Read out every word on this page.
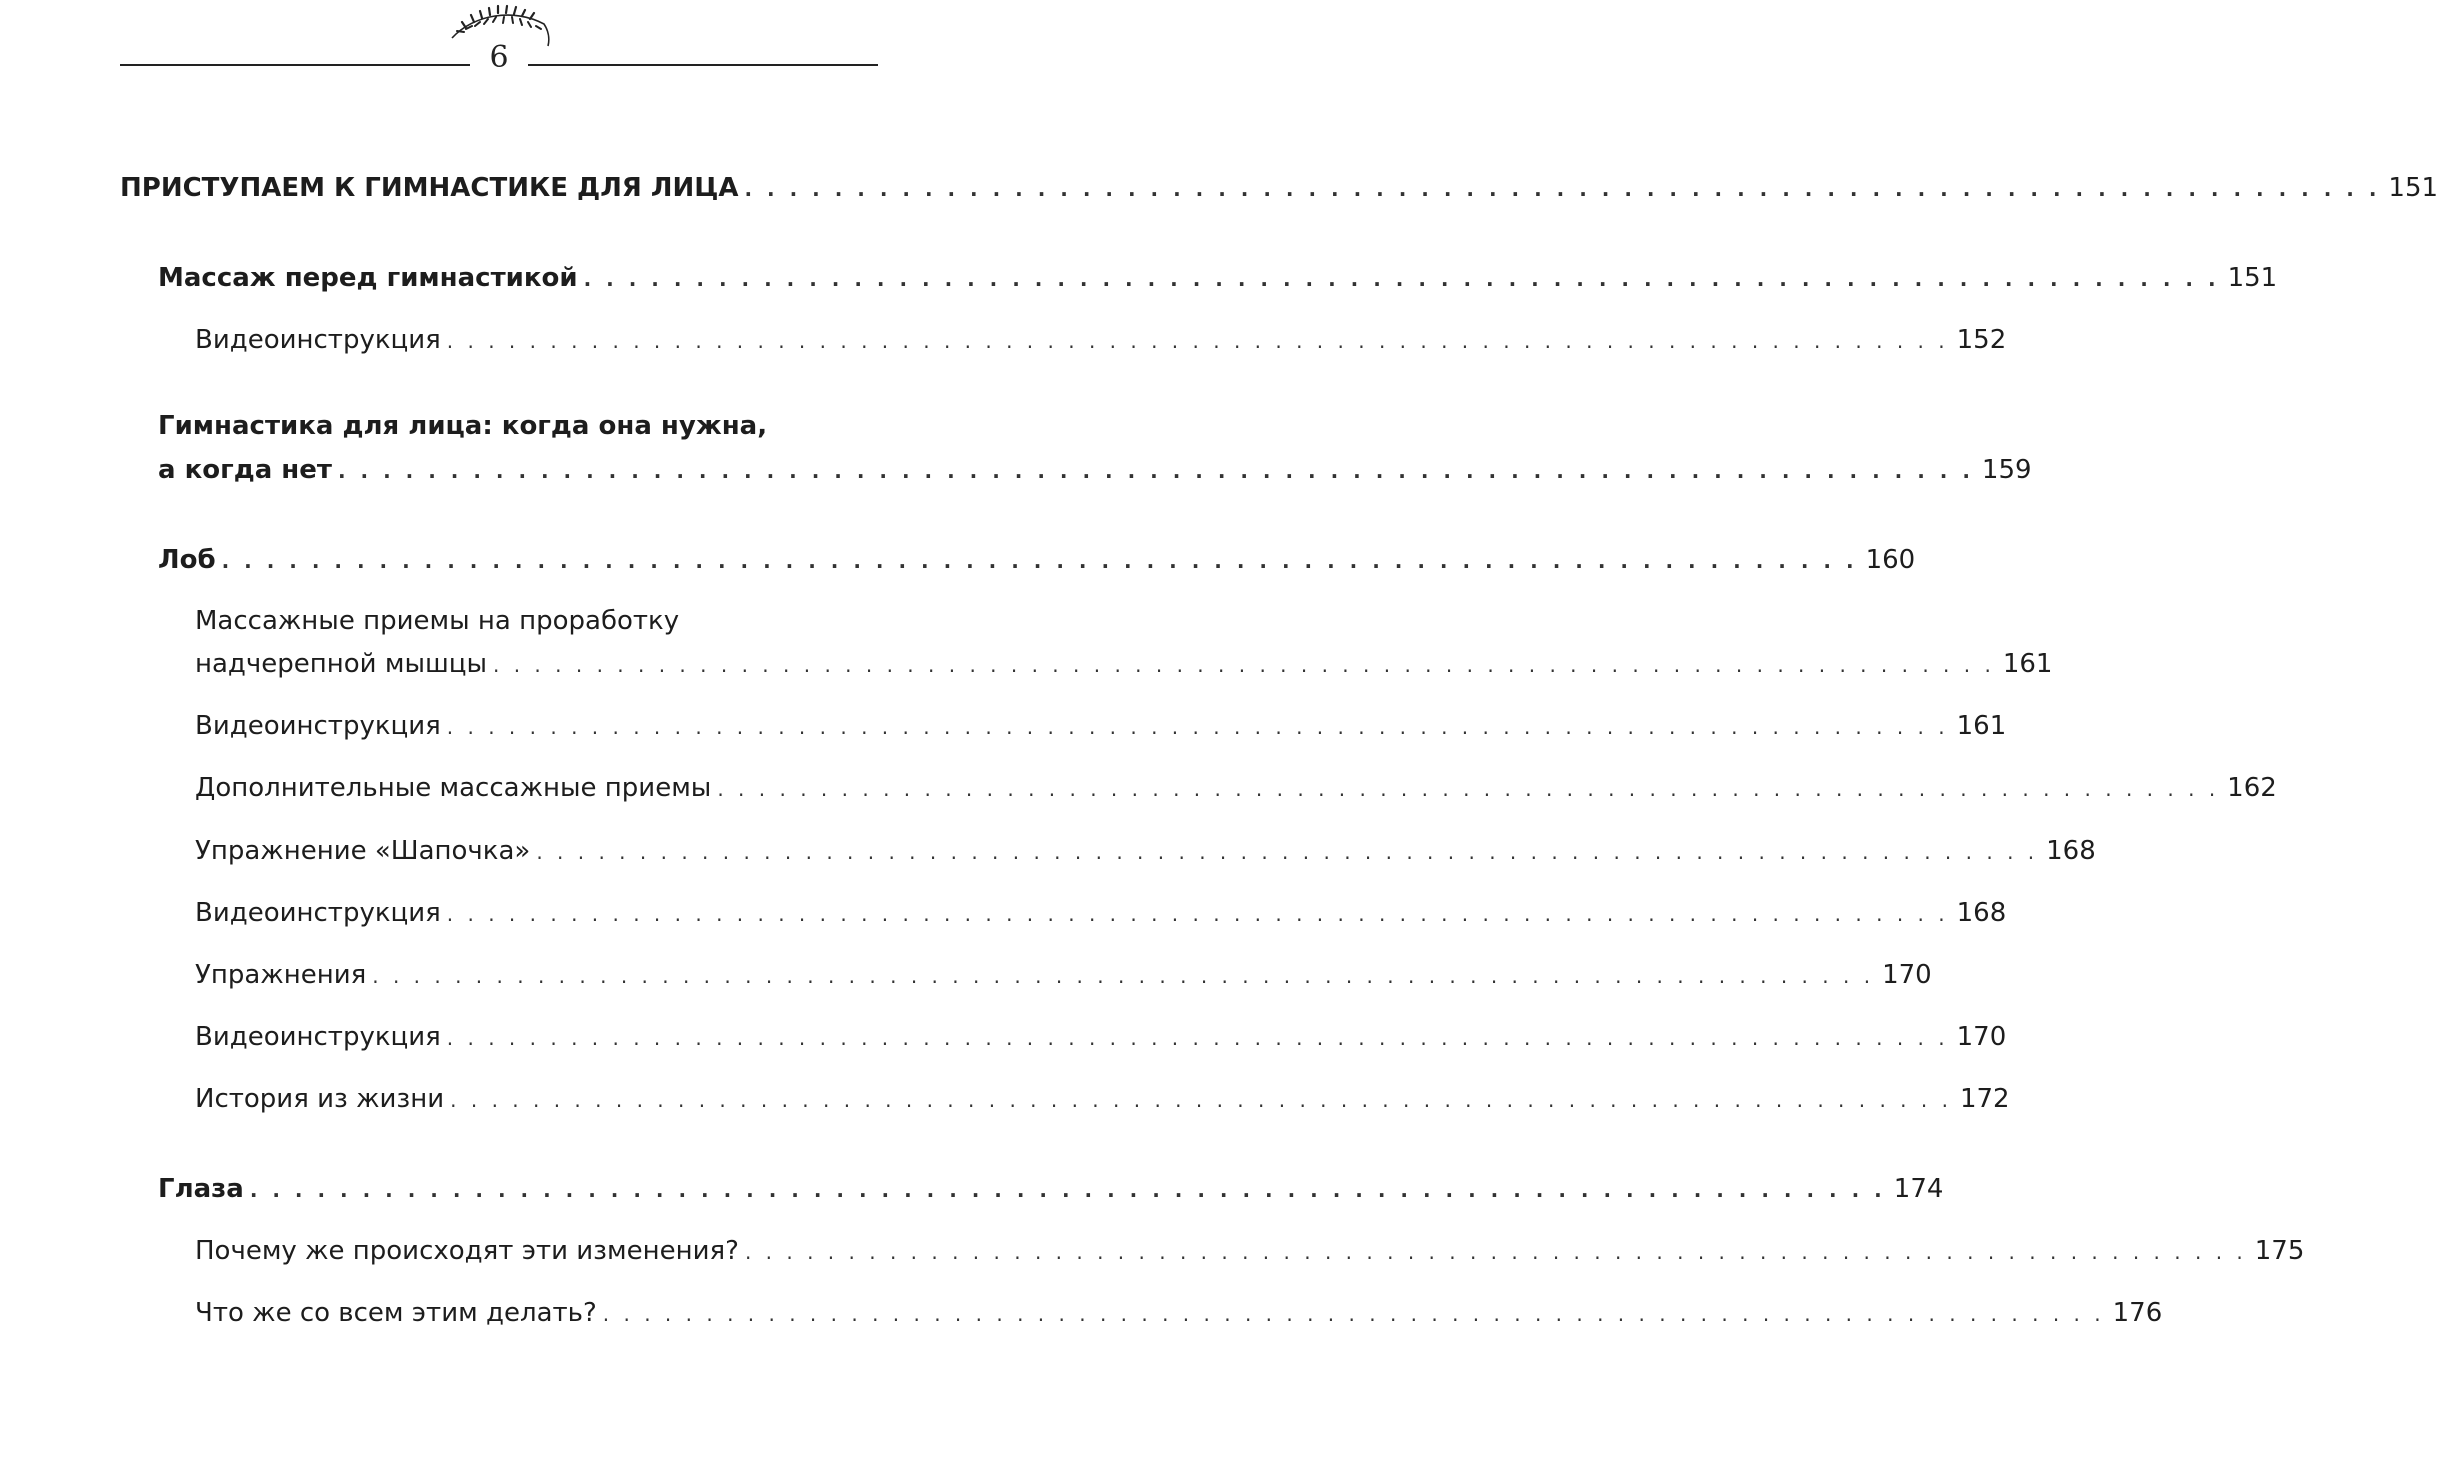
6
ПРИСТУПАЕМ К ГИМНАСТИКЕ ДЛЯ ЛИЦА . . . . . . . . . . . . . . . . . . . . . . . . . . . . . . . . . . . . . . . . . . . . . . . . . . . . . . . . . . . . . . . . . . . . . . . . . 151
Массаж перед гимнастикой . . . . . . . . . . . . . . . . . . . . . . . . . . . . . . . . . . . . . . . . . . . . . . . . . . . . . . . . . . . . . . . . . . . . . . . . . 151
Видеоинструкция . . . . . . . . . . . . . . . . . . . . . . . . . . . . . . . . . . . . . . . . . . . . . . . . . . . . . . . . . . . . . . . . . . . . . . . . . 152
Гимнастика для лица: когда она нужна,
а когда нет . . . . . . . . . . . . . . . . . . . . . . . . . . . . . . . . . . . . . . . . . . . . . . . . . . . . . . . . . . . . . . . . . . . . . . . . . 159
Лоб . . . . . . . . . . . . . . . . . . . . . . . . . . . . . . . . . . . . . . . . . . . . . . . . . . . . . . . . . . . . . . . . . . . . . . . . . 160
Массажные приемы на проработку
надчерепной мышцы . . . . . . . . . . . . . . . . . . . . . . . . . . . . . . . . . . . . . . . . . . . . . . . . . . . . . . . . . . . . . . . . . . . . . . . . . 161
Видеоинструкция . . . . . . . . . . . . . . . . . . . . . . . . . . . . . . . . . . . . . . . . . . . . . . . . . . . . . . . . . . . . . . . . . . . . . . . . . 161
Дополнительные массажные приемы . . . . . . . . . . . . . . . . . . . . . . . . . . . . . . . . . . . . . . . . . . . . . . . . . . . . . . . . . . . . . . . . . . . . . . . . . 162
Упражнение «Шапочка» . . . . . . . . . . . . . . . . . . . . . . . . . . . . . . . . . . . . . . . . . . . . . . . . . . . . . . . . . . . . . . . . . . . . . . . . . 168
Видеоинструкция . . . . . . . . . . . . . . . . . . . . . . . . . . . . . . . . . . . . . . . . . . . . . . . . . . . . . . . . . . . . . . . . . . . . . . . . . 168
Упражнения . . . . . . . . . . . . . . . . . . . . . . . . . . . . . . . . . . . . . . . . . . . . . . . . . . . . . . . . . . . . . . . . . . . . . . . . . 170
Видеоинструкция . . . . . . . . . . . . . . . . . . . . . . . . . . . . . . . . . . . . . . . . . . . . . . . . . . . . . . . . . . . . . . . . . . . . . . . . . 170
История из жизни . . . . . . . . . . . . . . . . . . . . . . . . . . . . . . . . . . . . . . . . . . . . . . . . . . . . . . . . . . . . . . . . . . . . . . . . . 172
Глаза . . . . . . . . . . . . . . . . . . . . . . . . . . . . . . . . . . . . . . . . . . . . . . . . . . . . . . . . . . . . . . . . . . . . . . . . . 174
Почему же происходят эти изменения? . . . . . . . . . . . . . . . . . . . . . . . . . . . . . . . . . . . . . . . . . . . . . . . . . . . . . . . . . . . . . . . . . . . . . . . . . 175
Что же со всем этим делать? . . . . . . . . . . . . . . . . . . . . . . . . . . . . . . . . . . . . . . . . . . . . . . . . . . . . . . . . . . . . . . . . . . . . . . . . . 176
